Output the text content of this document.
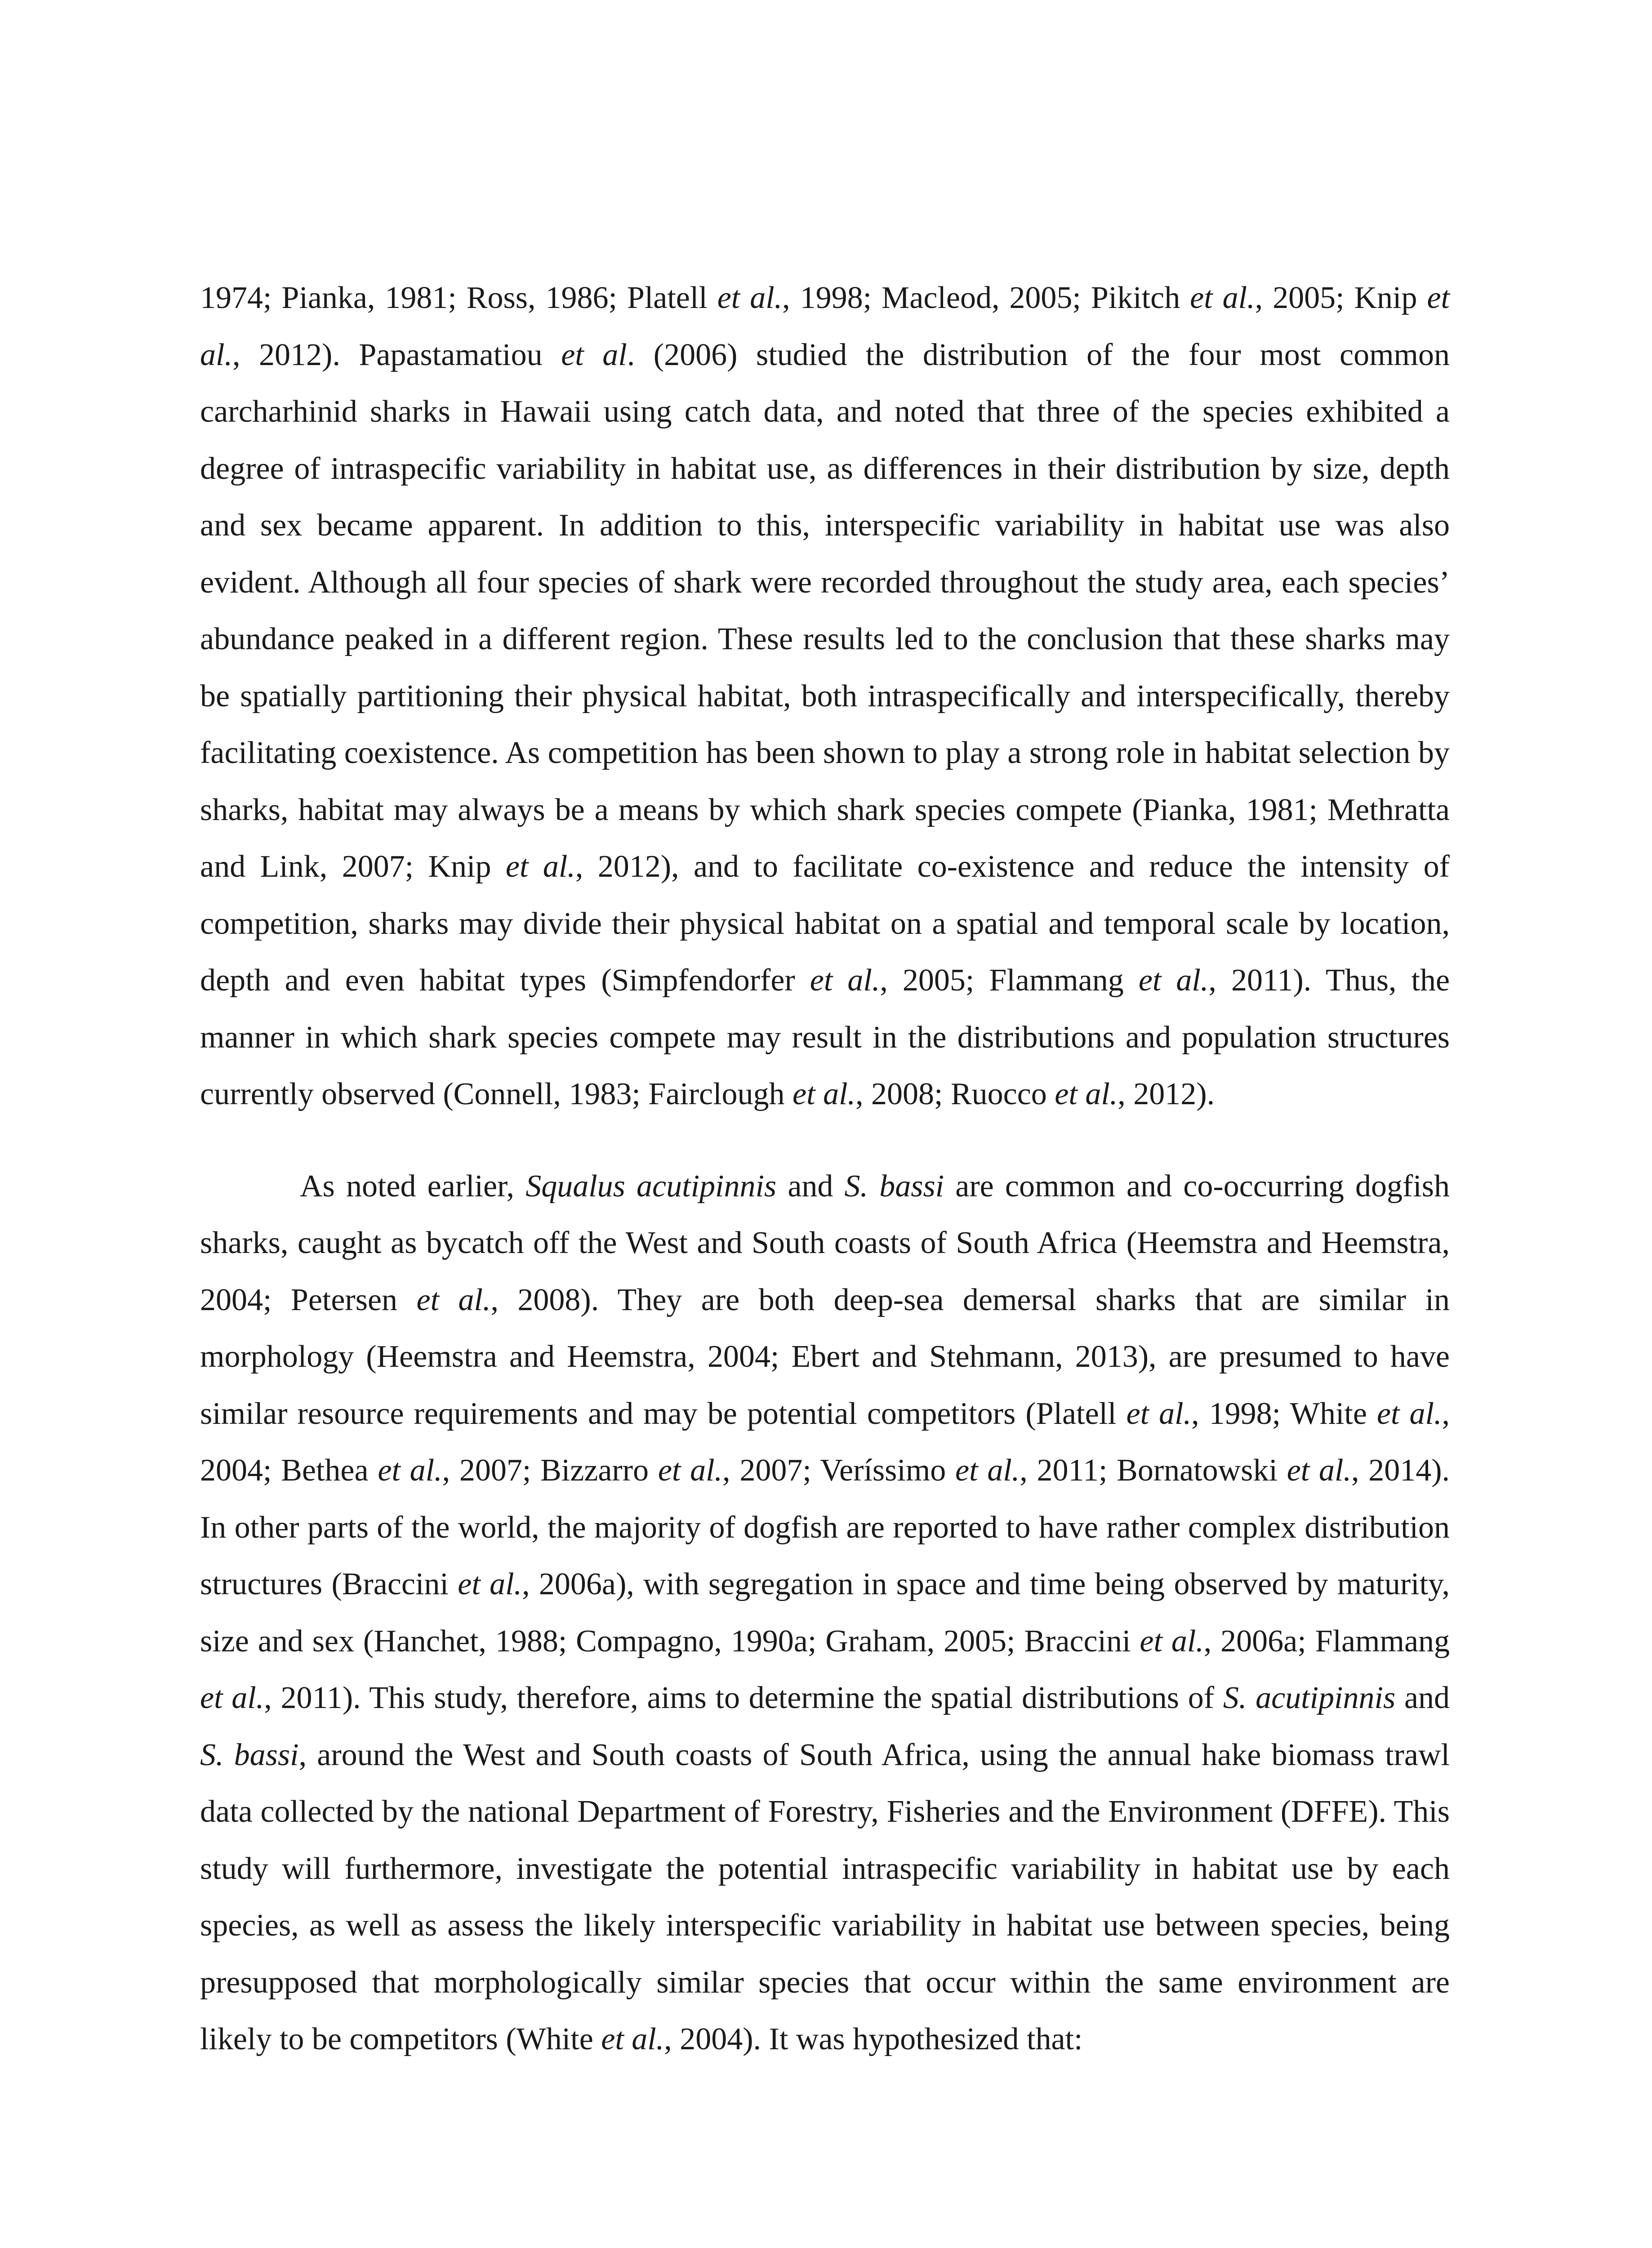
1974; Pianka, 1981; Ross, 1986; Platell et al., 1998; Macleod, 2005; Pikitch et al., 2005; Knip et al., 2012). Papastamatiou et al. (2006) studied the distribution of the four most common carcharhinid sharks in Hawaii using catch data, and noted that three of the species exhibited a degree of intraspecific variability in habitat use, as differences in their distribution by size, depth and sex became apparent. In addition to this, interspecific variability in habitat use was also evident. Although all four species of shark were recorded throughout the study area, each species’ abundance peaked in a different region. These results led to the conclusion that these sharks may be spatially partitioning their physical habitat, both intraspecifically and interspecifically, thereby facilitating coexistence. As competition has been shown to play a strong role in habitat selection by sharks, habitat may always be a means by which shark species compete (Pianka, 1981; Methratta and Link, 2007; Knip et al., 2012), and to facilitate co-existence and reduce the intensity of competition, sharks may divide their physical habitat on a spatial and temporal scale by location, depth and even habitat types (Simpfendorfer et al., 2005; Flammang et al., 2011). Thus, the manner in which shark species compete may result in the distributions and population structures currently observed (Connell, 1983; Fairclough et al., 2008; Ruocco et al., 2012).

As noted earlier, Squalus acutipinnis and S. bassi are common and co-occurring dogfish sharks, caught as bycatch off the West and South coasts of South Africa (Heemstra and Heemstra, 2004; Petersen et al., 2008). They are both deep-sea demersal sharks that are similar in morphology (Heemstra and Heemstra, 2004; Ebert and Stehmann, 2013), are presumed to have similar resource requirements and may be potential competitors (Platell et al., 1998; White et al., 2004; Bethea et al., 2007; Bizzarro et al., 2007; Veríssimo et al., 2011; Bornatowski et al., 2014). In other parts of the world, the majority of dogfish are reported to have rather complex distribution structures (Braccini et al., 2006a), with segregation in space and time being observed by maturity, size and sex (Hanchet, 1988; Compagno, 1990a; Graham, 2005; Braccini et al., 2006a; Flammang et al., 2011). This study, therefore, aims to determine the spatial distributions of S. acutipinnis and S. bassi, around the West and South coasts of South Africa, using the annual hake biomass trawl data collected by the national Department of Forestry, Fisheries and the Environment (DFFE). This study will furthermore, investigate the potential intraspecific variability in habitat use by each species, as well as assess the likely interspecific variability in habitat use between species, being presupposed that morphologically similar species that occur within the same environment are likely to be competitors (White et al., 2004). It was hypothesized that:
